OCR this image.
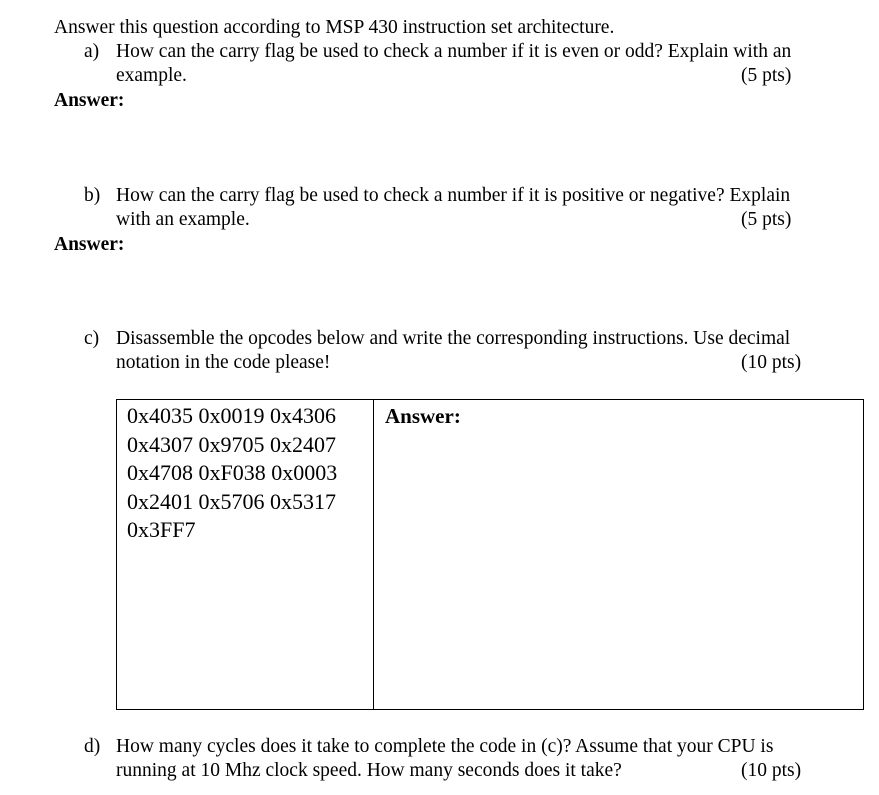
Answer this question according to MSP 430 instruction set architecture.
a) How can the carry flag be used to check a number if it is even or odd? Explain with an
example.	(5 pts)
Answer:
b) How can the carry flag be used to check a number if it is positive or negative? Explain
with an example.	(5 pts)
Answer:
c) Disassemble the opcodes below and write the corresponding instructions. Use decimal
notation in the code please!	(10 pts)
0x4035 0x0019 0x4306
0x4307 0x9705 0x2407
0x4708 0xF038 0x0003
0x2401 0x5706 0x5317
0x3FF7
Answer:
d) How many cycles does it take to complete the code in (c)? Assume that your CPU is
running at 10 Mhz clock speed. How many seconds does it take?	(10 pts)
